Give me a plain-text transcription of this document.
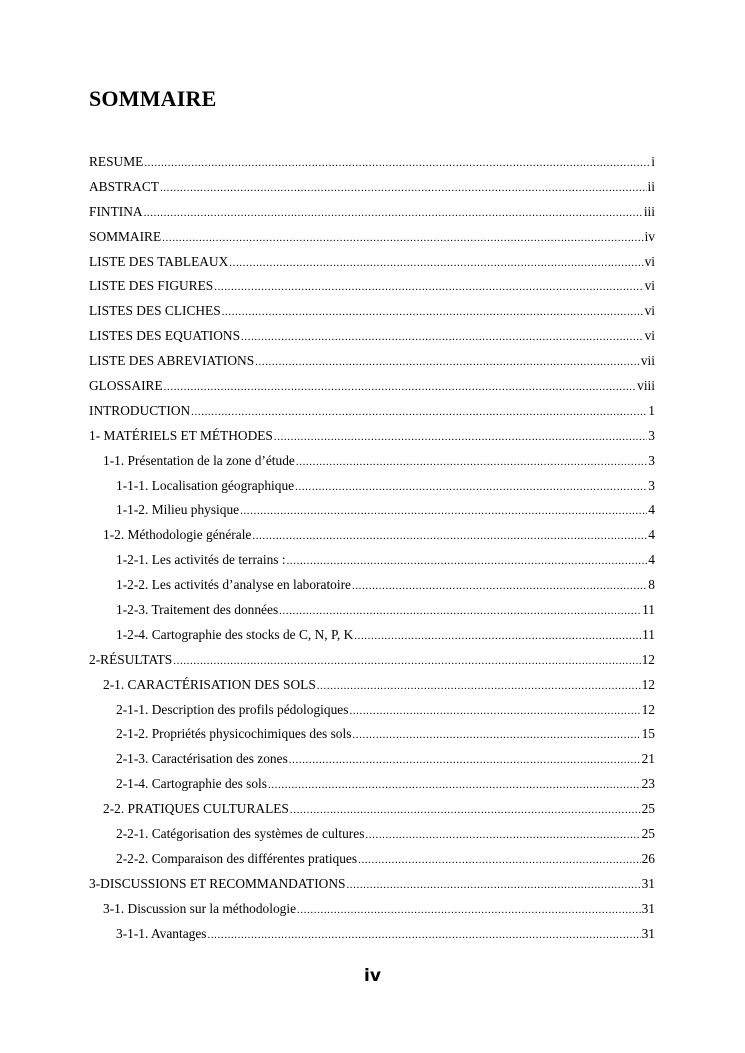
SOMMAIRE
RESUME .....	i
ABSTRACT .....	ii
FINTINA .....	iii
SOMMAIRE .....	iv
LISTE DES TABLEAUX .....	vi
LISTE DES FIGURES .....	vi
LISTES DES CLICHES .....	vi
LISTES DES EQUATIONS .....	vi
LISTE DES ABREVIATIONS .....	vii
GLOSSAIRE .....	viii
INTRODUCTION .....	1
1- MATÉRIELS ET MÉTHODES .....	3
1-1. Présentation de la zone d’étude .....	3
1-1-1. Localisation géographique .....	3
1-1-2. Milieu physique .....	4
1-2. Méthodologie générale .....	4
1-2-1. Les activités de terrains : .....	4
1-2-2. Les activités d’analyse en laboratoire .....	8
1-2-3. Traitement des données .....	11
1-2-4. Cartographie des stocks de C, N, P, K .....	11
2-RÉSULTATS .....	12
2-1. CARACTÉRISATION DES SOLS .....	12
2-1-1. Description des profils pédologiques .....	12
2-1-2. Propriétés physicochimiques des sols .....	15
2-1-3. Caractérisation des zones .....	21
2-1-4. Cartographie des sols .....	23
2-2. PRATIQUES CULTURALES .....	25
2-2-1. Catégorisation des systèmes de cultures .....	25
2-2-2. Comparaison des différentes pratiques .....	26
3-DISCUSSIONS ET RECOMMANDATIONS .....	31
3-1. Discussion sur la méthodologie .....	31
3-1-1. Avantages .....	31
iv
